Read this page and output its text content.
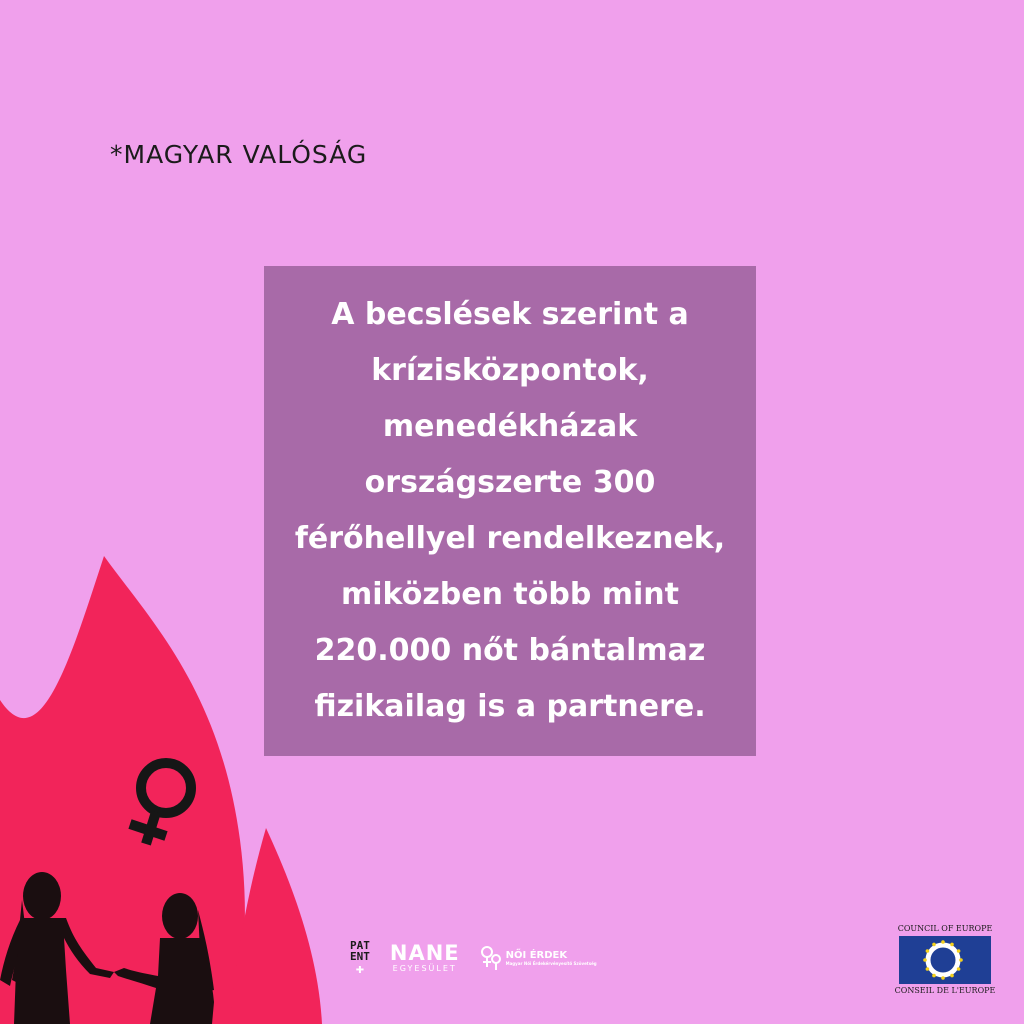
*MAGYAR VALÓSÁG
A becslések szerint a
krízisközpontok,
menedékházak
országszerte 300
férőhellyel rendelkeznek,
miközben több mint
220.000 nőt bántalmaz
fizikailag is a partnere.
PAT
ENT
✚
NANE
EGYESÜLET
NŐI ÉRDEK
Magyar Női Érdekérvényesítő Szövetség
COUNCIL OF EUROPE
CONSEIL DE L'EUROPE
